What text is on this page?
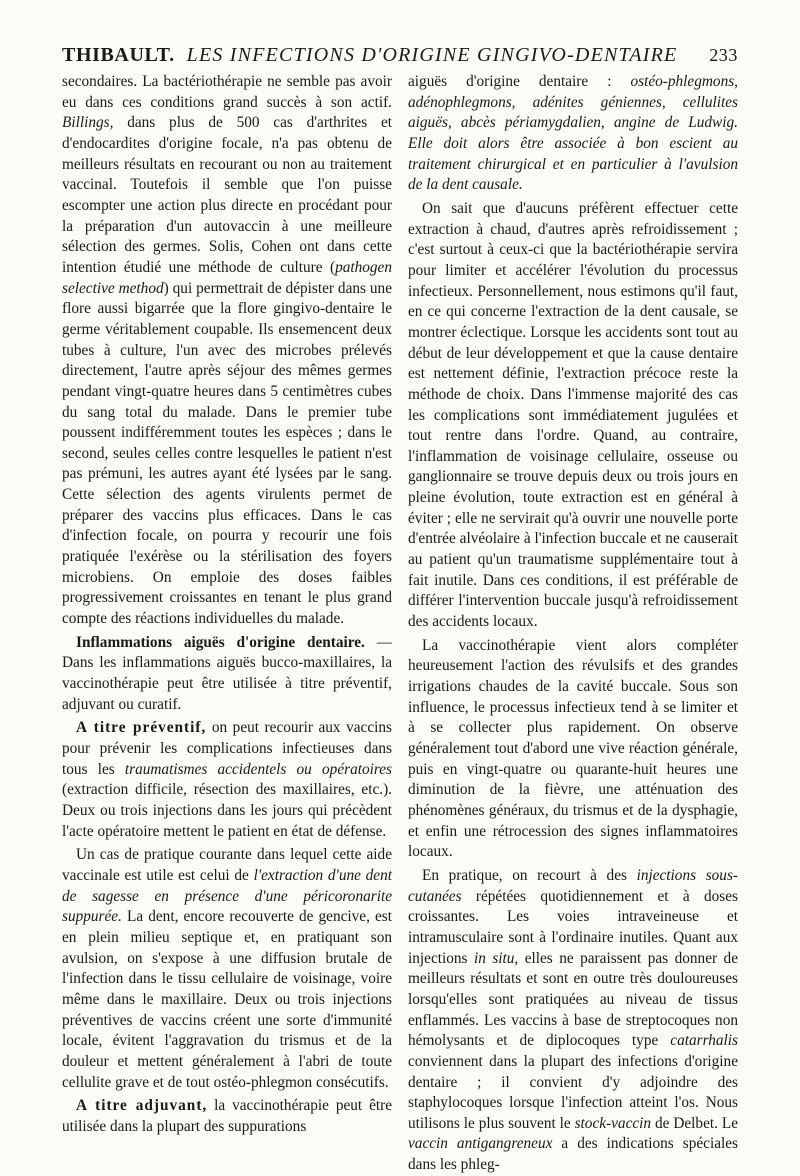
THIBAULT. LES INFECTIONS D'ORIGINE GINGIVO-DENTAIRE 233

secondaires. La bactériothérapie ne semble pas avoir eu dans ces conditions grand succès à son actif. Billings, dans plus de 500 cas d'arthrites et d'endocardites d'origine focale, n'a pas obtenu de meilleurs résultats en recourant ou non au traitement vaccinal. Toutefois il semble que l'on puisse escompter une action plus directe en procédant pour la préparation d'un autovaccin à une meilleure sélection des germes. Solis, Cohen ont dans cette intention étudié une méthode de culture (pathogen selective method) qui permettrait de dépister dans une flore aussi bigarrée que la flore gingivo-dentaire le germe véritablement coupable. Ils ensemencent deux tubes à culture, l'un avec des microbes prélevés directement, l'autre après séjour des mêmes germes pendant vingt-quatre heures dans 5 centimètres cubes du sang total du malade. Dans le premier tube poussent indifféremment toutes les espèces ; dans le second, seules celles contre lesquelles le patient n'est pas prémuni, les autres ayant été lysées par le sang. Cette sélection des agents virulents permet de préparer des vaccins plus efficaces. Dans le cas d'infection focale, on pourra y recourir une fois pratiquée l'exérèse ou la stérilisation des foyers microbiens. On emploie des doses faibles progressivement croissantes en tenant le plus grand compte des réactions individuelles du malade.

Inflammations aiguës d'origine dentaire. — Dans les inflammations aiguës bucco-maxillaires, la vaccinothérapie peut être utilisée à titre préventif, adjuvant ou curatif.

A titre préventif, on peut recourir aux vaccins pour prévenir les complications infectieuses dans tous les traumatismes accidentels ou opératoires (extraction difficile, résection des maxillaires, etc.). Deux ou trois injections dans les jours qui précèdent l'acte opératoire mettent le patient en état de défense.

Un cas de pratique courante dans lequel cette aide vaccinale est utile est celui de l'extraction d'une dent de sagesse en présence d'une péricoronarite suppurée. La dent, encore recouverte de gencive, est en plein milieu septique et, en pratiquant son avulsion, on s'expose à une diffusion brutale de l'infection dans le tissu cellulaire de voisinage, voire même dans le maxillaire. Deux ou trois injections préventives de vaccins créent une sorte d'immunité locale, évitent l'aggravation du trismus et de la douleur et mettent généralement à l'abri de toute cellulite grave et de tout ostéo-phlegmon consécutifs.

A titre adjuvant, la vaccinothérapie peut être utilisée dans la plupart des suppurations

aiguës d'origine dentaire : ostéo-phlegmons, adénophlegmons, adénites géniennes, cellulites aiguës, abcès périamygdalien, angine de Ludwig. Elle doit alors être associée à bon escient au traitement chirurgical et en particulier à l'avulsion de la dent causale.

On sait que d'aucuns préfèrent effectuer cette extraction à chaud, d'autres après refroidissement ; c'est surtout à ceux-ci que la bactériothérapie servira pour limiter et accélérer l'évolution du processus infectieux. Personnellement, nous estimons qu'il faut, en ce qui concerne l'extraction de la dent causale, se montrer éclectique. Lorsque les accidents sont tout au début de leur développement et que la cause dentaire est nettement définie, l'extraction précoce reste la méthode de choix. Dans l'immense majorité des cas les complications sont immédiatement jugulées et tout rentre dans l'ordre. Quand, au contraire, l'inflammation de voisinage cellulaire, osseuse ou ganglionnaire se trouve depuis deux ou trois jours en pleine évolution, toute extraction est en général à éviter ; elle ne servirait qu'à ouvrir une nouvelle porte d'entrée alvéolaire à l'infection buccale et ne causerait au patient qu'un traumatisme supplémentaire tout à fait inutile. Dans ces conditions, il est préférable de différer l'intervention buccale jusqu'à refroidissement des accidents locaux.

La vaccinothérapie vient alors compléter heureusement l'action des révulsifs et des grandes irrigations chaudes de la cavité buccale. Sous son influence, le processus infectieux tend à se limiter et à se collecter plus rapidement. On observe généralement tout d'abord une vive réaction générale, puis en vingt-quatre ou quarante-huit heures une diminution de la fièvre, une atténuation des phénomènes généraux, du trismus et de la dysphagie, et enfin une rétrocession des signes inflammatoires locaux.

En pratique, on recourt à des injections sous-cutanées répétées quotidiennement et à doses croissantes. Les voies intraveineuse et intramusculaire sont à l'ordinaire inutiles. Quant aux injections in situ, elles ne paraissent pas donner de meilleurs résultats et sont en outre très douloureuses lorsqu'elles sont pratiquées au niveau de tissus enflammés. Les vaccins à base de streptocoques non hémolysants et de diplocoques type catarrhalis conviennent dans la plupart des infections d'origine dentaire ; il convient d'y adjoindre des staphylocoques lorsque l'infection atteint l'os. Nous utilisons le plus souvent le stock-vaccin de Delbet. Le vaccin antigangreneux a des indications spéciales dans les phleg-
